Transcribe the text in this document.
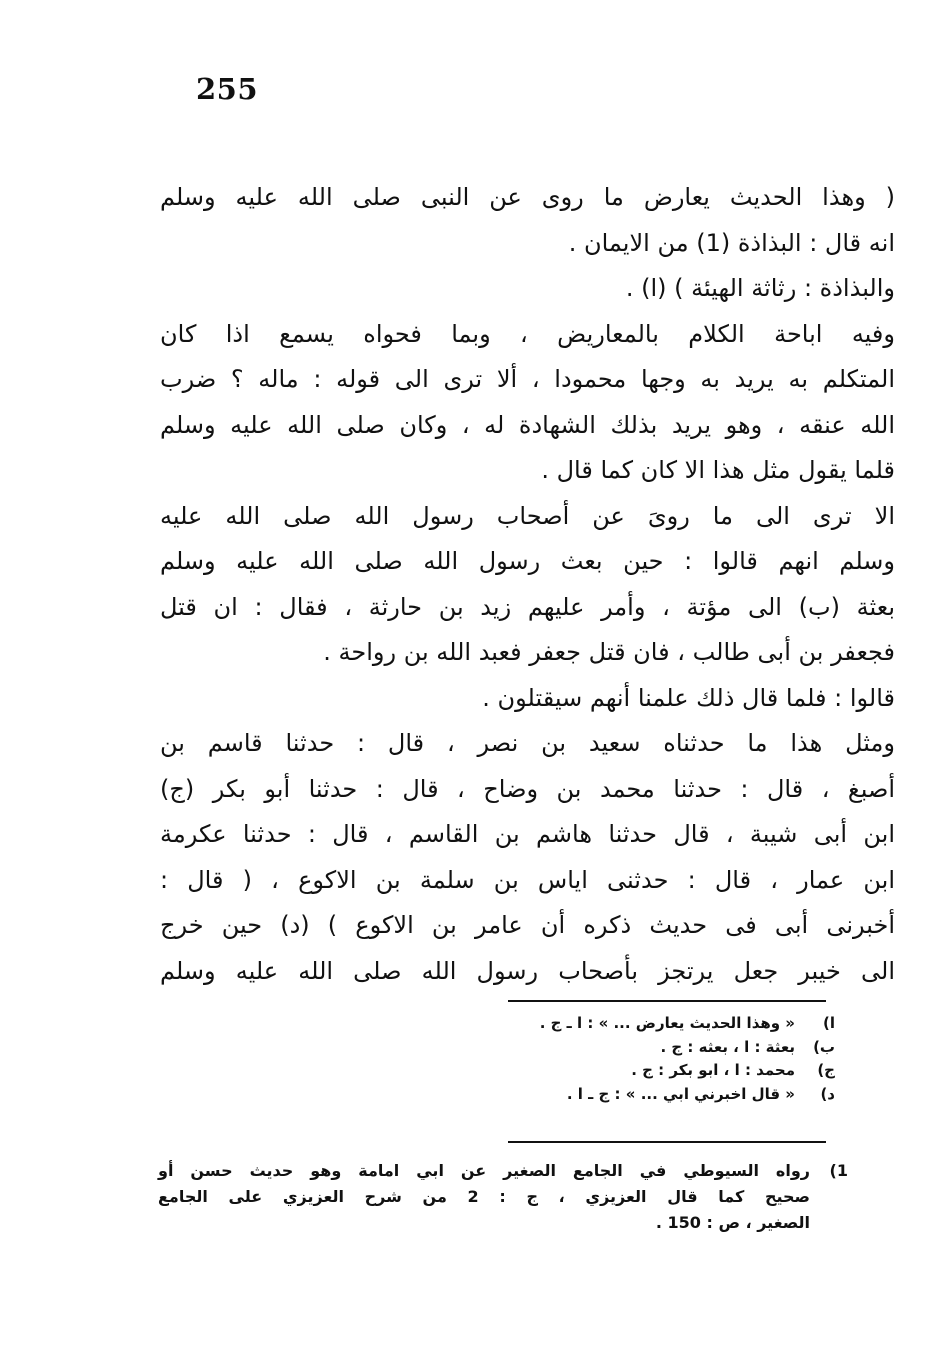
255
( وهذا الحديث يعارض ما روى عن النبى صلى الله عليه وسلم
انه قال : البذاذة (1) من الايمان .
والبذاذة : رثاثة الهيئة ) (ا) .
وفيه اباحة الكلام بالمعاريض ، وبما فحواه يسمع اذا كان
المتكلم به يريد به وجها محمودا ، ألا ترى الى قوله : ماله ؟ ضرب
الله عنقه ، وهو يريد بذلك الشهادة له ، وكان صلى الله عليه وسلم
قلما يقول مثل هذا الا كان كما قال .
الا ترى الى ما روىَ عن أصحاب رسول الله صلى الله عليه
وسلم انهم قالوا : حين بعث رسول الله صلى الله عليه وسلم
بعثة (ب) الى مؤتة ، وأمر عليهم زيد بن حارثة ، فقال : ان قتل
فجعفر بن أبى طالب ، فان قتل جعفر فعبد الله بن رواحة .
قالوا : فلما قال ذلك علمنا أنهم سيقتلون .
ومثل هذا ما حدثناه سعيد بن نصر ، قال : حدثنا قاسم بن
أصبغ ، قال : حدثنا محمد بن وضاح ، قال : حدثنا أبو بكر (ج)
ابن أبى شيبة ، قال حدثنا هاشم بن القاسم ، قال : حدثنا عكرمة
ابن عمار ، قال : حدثنى اياس بن سلمة بن الاكوع ، ( قال :
أخبرنى أبى فى حديث ذكره أن عامر بن الاكوع ) (د) حين خرج
الى خيبر جعل يرتجز بأصحاب رسول الله صلى الله عليه وسلم
ا)
« وهذا الحديث يعارض ... » : ا ـ ج .
ب)
بعثة : ا ، بعثه : ج .
ج)
محمد : ا ، ابو بكر : ج .
د)
« قال اخبرني ابي ... » : ج ـ ا .
1)
رواه السيوطي في الجامع الصغير عن ابي امامة وهو حديث حسن أو
صحيح كما قال العزيزي ، ج : 2 من شرح العزيزي على الجامع
الصغير ، ص : 150 .
